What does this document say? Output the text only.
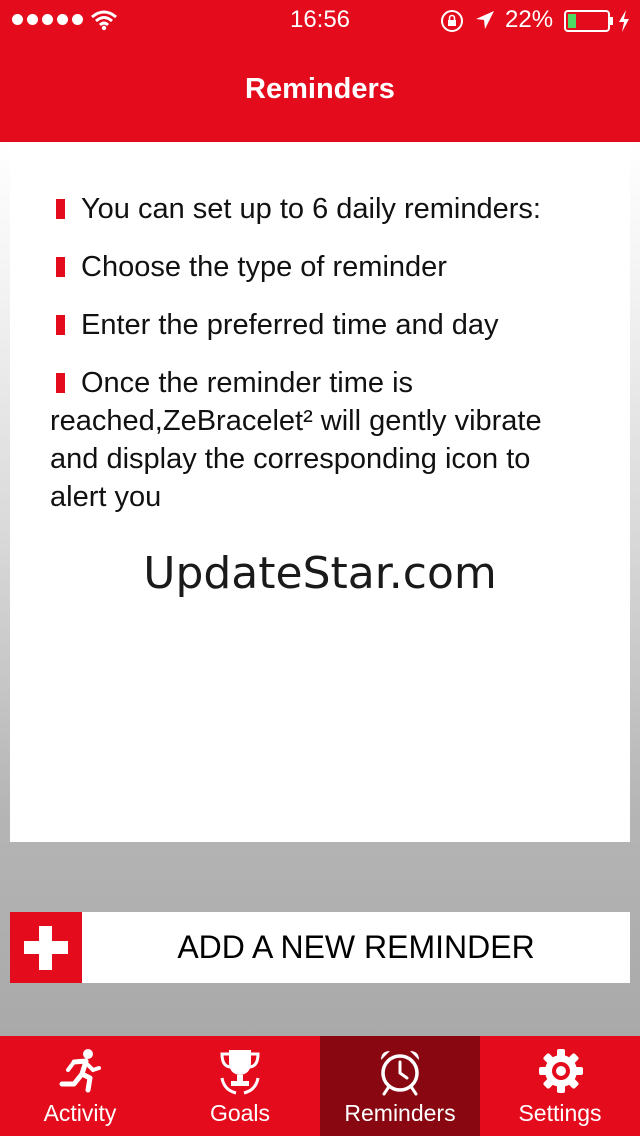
16:56	22%
Reminders
You can set up to 6 daily reminders:
Choose the type of reminder
Enter the preferred time and day
Once the reminder time is reached,ZeBracelet² will gently vibrate and display the corresponding icon to alert you
UpdateStar.com
ADD A NEW REMINDER
Activity	Goals	Reminders	Settings
